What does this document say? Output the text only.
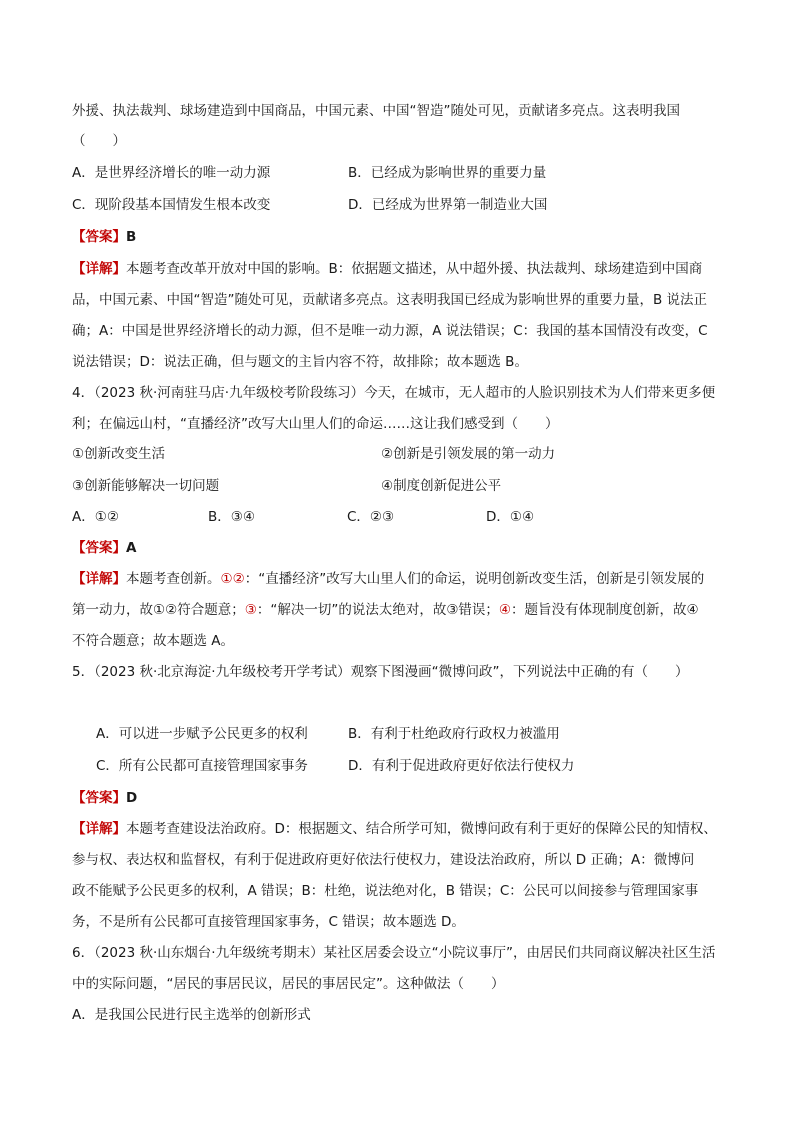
外援、执法裁判、球场建造到中国商品，中国元素、中国“智造”随处可见，贡献诸多亮点。这表明我国
（　　）
A．是世界经济增长的唯一动力源	B．已经成为影响世界的重要力量
C．现阶段基本国情发生根本改变	D．已经成为世界第一制造业大国
【答案】B
【详解】本题考查改革开放对中国的影响。B：依据题文描述，从中超外援、执法裁判、球场建造到中国商
品，中国元素、中国“智造”随处可见，贡献诸多亮点。这表明我国已经成为影响世界的重要力量，B 说法正
确；A：中国是世界经济增长的动力源，但不是唯一动力源，A 说法错误；C：我国的基本国情没有改变，C
说法错误；D：说法正确，但与题文的主旨内容不符，故排除；故本题选 B。
4．（2023 秋·河南驻马店·九年级校考阶段练习）今天，在城市，无人超市的人脸识别技术为人们带来更多便
利；在偏远山村，“直播经济”改写大山里人们的命运……这让我们感受到（　　）
①创新改变生活	②创新是引领发展的第一动力
③创新能够解决一切问题	④制度创新促进公平
A．①②	B．③④	C．②③	D．①④
【答案】A
【详解】本题考查创新。①②：“直播经济”改写大山里人们的命运，说明创新改变生活，创新是引领发展的
第一动力，故①②符合题意；③：“解决一切”的说法太绝对，故③错误；④：题旨没有体现制度创新，故④
不符合题意；故本题选 A。
5．（2023 秋·北京海淀·九年级校考开学考试）观察下图漫画“微博问政”，下列说法中正确的有（　　）
A．可以进一步赋予公民更多的权利	B．有利于杜绝政府行政权力被滥用
C．所有公民都可直接管理国家事务	D．有利于促进政府更好依法行使权力
【答案】D
【详解】本题考查建设法治政府。D：根据题文、结合所学可知，微博问政有利于更好的保障公民的知情权、
参与权、表达权和监督权，有利于促进政府更好依法行使权力，建设法治政府，所以 D 正确；A：微博问
政不能赋予公民更多的权利，A 错误；B：杜绝，说法绝对化，B 错误；C：公民可以间接参与管理国家事
务，不是所有公民都可直接管理国家事务，C 错误；故本题选 D。
6．（2023 秋·山东烟台·九年级统考期末）某社区居委会设立“小院议事厅”，由居民们共同商议解决社区生活
中的实际问题，“居民的事居民议，居民的事居民定”。这种做法（　　）
A．是我国公民进行民主选举的创新形式
